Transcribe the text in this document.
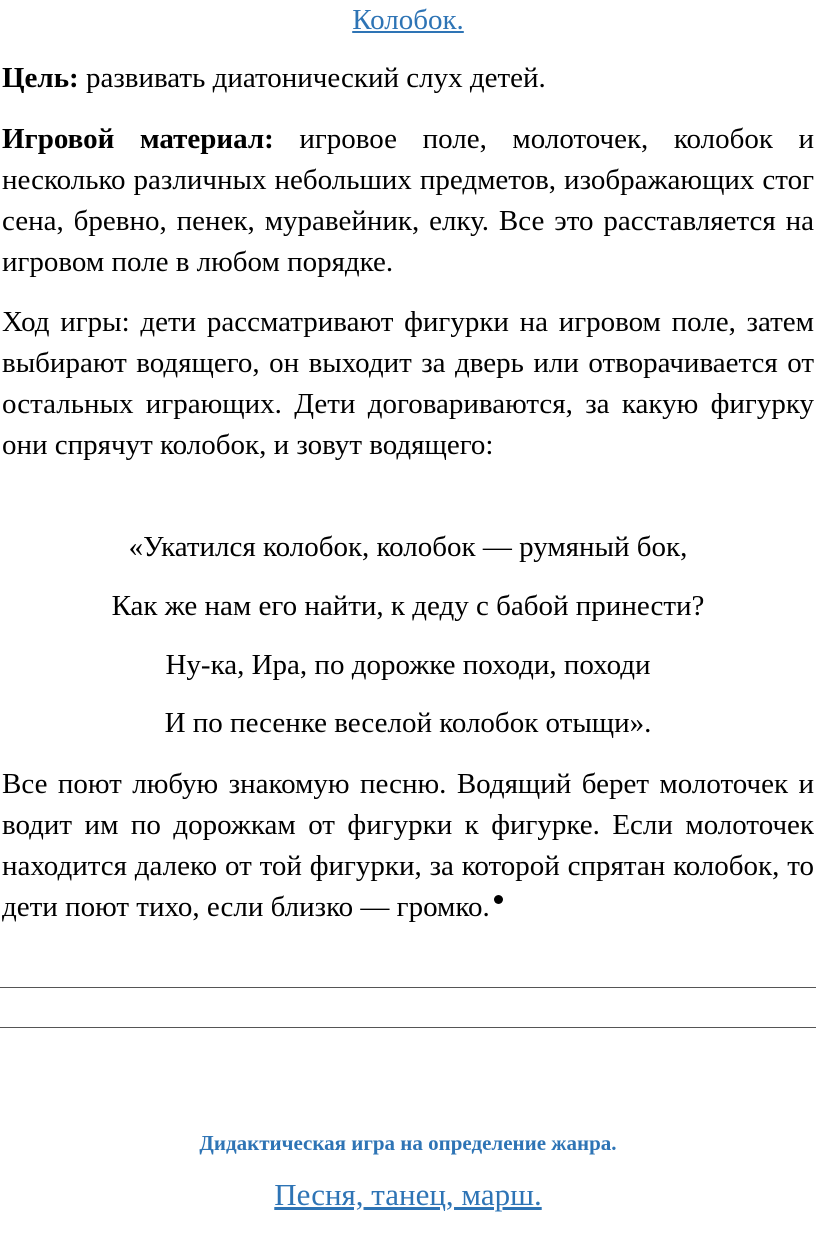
Колобок.
Цель: развивать диатонический слух детей.
Игровой материал: игровое поле, молоточек, колобок и несколько различных небольших предметов, изображающих стог сена, бревно, пенек, муравейник, елку. Все это расставляется на игровом поле в любом порядке.
Ход игры: дети рассматривают фигурки на игровом поле, затем выбирают водящего, он выходит за дверь или отворачивается от остальных играющих. Дети договариваются, за какую фигурку они спрячут колобок, и зовут водящего:
«Укатился колобок, колобок — румяный бок,
Как же нам его найти, к деду с бабой принести?
Ну-ка, Ира, по дорожке походи, походи
И по песенке веселой колобок отыщи».
Все поют любую знакомую песню. Водящий берет молоточек и водит им по дорожкам от фигурки к фигурке. Если молоточек находится далеко от той фигурки, за которой спрятан колобок, то дети поют тихо, если близко — громко.
Дидактическая игра на определение жанра.
Песня, танец, марш.
